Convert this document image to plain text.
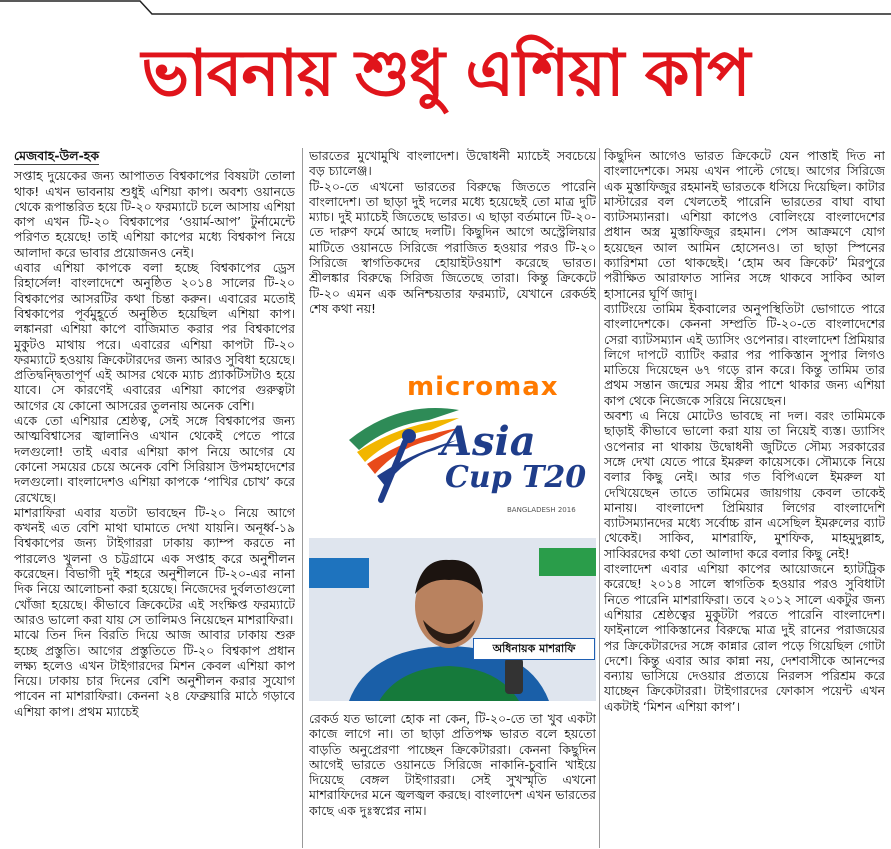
ভাবনায় শুধু এশিয়া কাপ

মেজবাহ-উল-হক

সপ্তাহ দুয়েকের জন্য আপাতত বিশ্বকাপের বিষয়টা তোলা থাক! এখন ভাবনায় শুধুই এশিয়া কাপ। অবশ্য ওয়ানডে থেকে রূপান্তরিত হয়ে টি-২০ ফরম্যাটে চলে আসায় এশিয়া কাপ এখন টি-২০ বিশ্বকাপের ‘ওয়ার্ম-আপ’ টুর্নামেন্টে পরিণত হয়েছে! তাই এশিয়া কাপের মধ্যে বিশ্বকাপ নিয়ে আলাদা করে ভাবার প্রয়োজনও নেই।

এবার এশিয়া কাপকে বলা হচ্ছে বিশ্বকাপের ড্রেস রিহার্সেল! বাংলাদেশে অনুষ্ঠিত ২০১৪ সালের টি-২০ বিশ্বকাপের আসরটির কথা চিন্তা করুন। এবারের মতোই বিশ্বকাপের পূর্বমুহূর্তে অনুষ্ঠিত হয়েছিল এশিয়া কাপ। লঙ্কানরা এশিয়া কাপে বাজিমাত করার পর বিশ্বকাপের মুকুটও মাথায় পরে। এবারের এশিয়া কাপটা টি-২০ ফরম্যাটে হওয়ায় ক্রিকেটারদের জন্য আরও সুবিধা হয়েছে। প্রতিদ্বন্দ্বিতাপূর্ণ এই আসর থেকে ম্যাচ প্র্যাকটিসটাও হয়ে যাবে। সে কারণেই এবারের এশিয়া কাপের গুরুত্বটা আগের যে কোনো আসরের তুলনায় অনেক বেশি।

একে তো এশিয়ার শ্রেষ্ঠত্ব, সেই সঙ্গে বিশ্বকাপের জন্য আত্মবিশ্বাসের জ্বালানিও এখান থেকেই পেতে পারে দলগুলো! তাই এবার এশিয়া কাপ নিয়ে আগের যে কোনো সময়ের চেয়ে অনেক বেশি সিরিয়াস উপমহাদেশের দলগুলো। বাংলাদেশও এশিয়া কাপকে ‘পাখির চোখ’ করে রেখেছে।

মাশরাফিরা এবার যতটা ভাবছেন টি-২০ নিয়ে আগে কখনই এত বেশি মাথা ঘামাতে দেখা যায়নি। অনূর্ধ্ব-১৯ বিশ্বকাপের জন্য টাইগাররা ঢাকায় ক্যাম্প করতে না পারলেও খুলনা ও চট্টগ্রামে এক সপ্তাহ করে অনুশীলন করেছেন। বিভাগী দুই শহরে অনুশীলনে টি-২০-এর নানা দিক নিয়ে আলোচনা করা হয়েছে। নিজেদের দুর্বলতাগুলো খোঁজা হয়েছে। কীভাবে ক্রিকেটের এই সংক্ষিপ্ত ফরম্যাটে আরও ভালো করা যায় সে তালিমও নিয়েছেন মাশরাফিরা।

মাঝে তিন দিন বিরতি দিয়ে আজ আবার ঢাকায় শুরু হচ্ছে প্রস্তুতি। আগের প্রস্তুতিতে টি-২০ বিশ্বকাপ প্রধান লক্ষ্য হলেও এখন টাইগারদের মিশন কেবল এশিয়া কাপ নিয়ে। ঢাকায় চার দিনের বেশি অনুশীলন করার সুযোগ পাবেন না মাশরাফিরা। কেননা ২৪ ফেব্রুয়ারি মাঠে গড়াবে এশিয়া কাপ। প্রথম ম্যাচেই

ভারতের মুখোমুখি বাংলাদেশ। উদ্বোধনী ম্যাচেই সবচেয়ে বড় চ্যালেঞ্জ।

টি-২০-তে এখনো ভারতের বিরুদ্ধে জিততে পারেনি বাংলাদেশ। তা ছাড়া দুই দলের মধ্যে হয়েছেই তো মাত্র দুটি ম্যাচ। দুই ম্যাচেই জিতেছে ভারত। এ ছাড়া বর্তমানে টি-২০-তে দারুণ ফর্মে আছে দলটি। কিছুদিন আগে অস্ট্রেলিয়ার মাটিতে ওয়ানডে সিরিজে পরাজিত হওয়ার পরও টি-২০ সিরিজে স্বাগতিকদের হোয়াইটওয়াশ করেছে ভারত। শ্রীলঙ্কার বিরুদ্ধে সিরিজ জিতেছে তারা। কিন্তু ক্রিকেটে টি-২০ এমন এক অনিশ্চয়তার ফরম্যাট, যেখানে রেকর্ডই শেষ কথা নয়!

micromax
Asia
Cup T20
BANGLADESH 2016
অধিনায়ক মাশরাফি

রেকর্ড যত ভালো হোক না কেন, টি-২০-তে তা খুব একটা কাজে লাগে না। তা ছাড়া প্রতিপক্ষ ভারত বলে হয়তো বাড়তি অনুপ্রেরণা পাচ্ছেন ক্রিকেটাররা। কেননা কিছুদিন আগেই ভারতে ওয়ানডে সিরিজে নাকানি-চুবানি খাইয়ে দিয়েছে বেঙ্গল টাইগাররা। সেই সুখস্মৃতি এখনো মাশরাফিদের মনে জ্বলজ্বল করছে। বাংলাদেশ এখন ভারতের কাছে এক দুঃস্বপ্নের নাম।

কিছুদিন আগেও ভারত ক্রিকেটে যেন পাত্তাই দিত না বাংলাদেশকে। সময় এখন পাল্টে গেছে। আগের সিরিজে এক মুস্তাফিজুর রহমানই ভারতকে ধসিয়ে দিয়েছিল। কাটার মাস্টারের বল খেলতেই পারেনি ভারতের বাঘা বাঘা ব্যাটসম্যানরা। এশিয়া কাপেও বোলিংয়ে বাংলাদেশের প্রধান অস্ত্র মুস্তাফিজুর রহমান। পেস আক্রমণে যোগ হয়েছেন আল আমিন হোসেনও। তা ছাড়া স্পিনের ক্যারিশমা তো থাকছেই। ‘হোম অব ক্রিকেট’ মিরপুরে পরীক্ষিত আরাফাত সানির সঙ্গে থাকবে সাকিব আল হাসানের ঘূর্ণি জাদু।

ব্যাটিংয়ে তামিম ইকবালের অনুপস্থিতিটা ভোগাতে পারে বাংলাদেশকে। কেননা সম্প্রতি টি-২০-তে বাংলাদেশের সেরা ব্যাটসম্যান এই ড্যাসিং ওপেনার। বাংলাদেশ প্রিমিয়ার লিগে দাপটে ব্যাটিং করার পর পাকিস্তান সুপার লিগও মাতিয়ে দিয়েছেন ৬৭ গড়ে রান করে। কিন্তু তামিম তার প্রথম সন্তান জন্মের সময় স্ত্রীর পাশে থাকার জন্য এশিয়া কাপ থেকে নিজেকে সরিয়ে নিয়েছেন।

অবশ্য এ নিয়ে মোটেও ভাবছে না দল। বরং তামিমকে ছাড়াই কীভাবে ভালো করা যায় তা নিয়েই ব্যস্ত। ড্যাসিং ওপেনার না থাকায় উদ্বোধনী জুটিতে সৌম্য সরকারের সঙ্গে দেখা যেতে পারে ইমরুল কায়েসকে। সৌম্যকে নিয়ে বলার কিছু নেই। আর গত বিপিএলে ইমরুল যা দেখিয়েছেন তাতে তামিমের জায়গায় কেবল তাকেই মানায়। বাংলাদেশ প্রিমিয়ার লিগের বাংলাদেশি ব্যাটসম্যানদের মধ্যে সর্বোচ্চ রান এসেছিল ইমরুলের ব্যাট থেকেই। সাকিব, মাশরাফি, মুশফিক, মাহমুদুল্লাহ, সাব্বিরদের কথা তো আলাদা করে বলার কিছু নেই!

বাংলাদেশ এবার এশিয়া কাপের আয়োজনে হ্যাটট্রিক করেছে! ২০১৪ সালে স্বাগতিক হওয়ার পরও সুবিধাটা নিতে পারেনি মাশরাফিরা। তবে ২০১২ সালে একটুর জন্য এশিয়ার শ্রেষ্ঠত্বের মুকুটটা পরতে পারেনি বাংলাদেশ। ফাইনালে পাকিস্তানের বিরুদ্ধে মাত্র দুই রানের পরাজয়ের পর ক্রিকেটারদের সঙ্গে কান্নার রোল পড়ে গিয়েছিল গোটা দেশে। কিন্তু এবার আর কান্না নয়, দেশবাসীকে আনন্দের বন্যায় ভাসিয়ে দেওয়ার প্রত্যয়ে নিরলস পরিশ্রম করে যাচ্ছেন ক্রিকেটাররা। টাইগারদের ফোকাস পয়েন্ট এখন একটাই ‘মিশন এশিয়া কাপ’।
